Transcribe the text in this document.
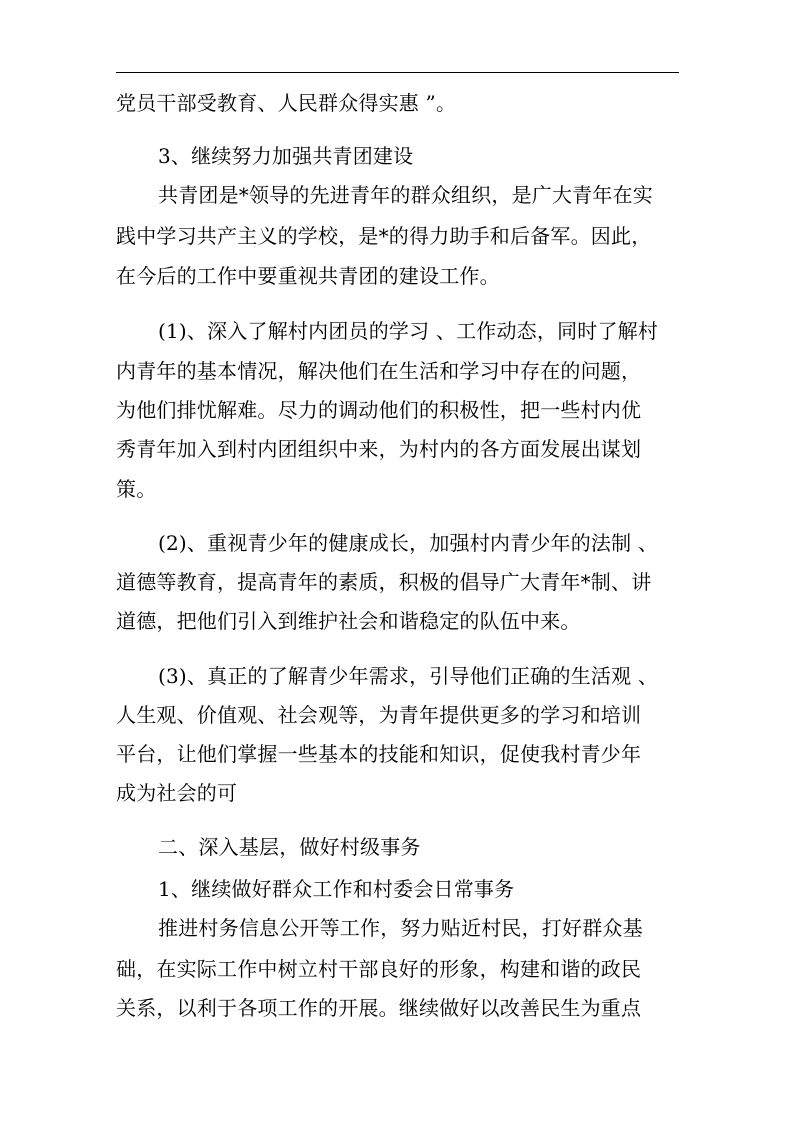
党员干部受教育、人民群众得实惠 ”。
3、继续努力加强共青团建设
共青团是*领导的先进青年的群众组织，是广大青年在实
践中学习共产主义的学校，是*的得力助手和后备军。因此，
在今后的工作中要重视共青团的建设工作。
(1)、深入了解村内团员的学习 、工作动态，同时了解村
内青年的基本情况，解决他们在生活和学习中存在的问题，
为他们排忧解难。尽力的调动他们的积极性，把一些村内优
秀青年加入到村内团组织中来，为村内的各方面发展出谋划
策。
(2)、重视青少年的健康成长，加强村内青少年的法制 、
道德等教育，提高青年的素质，积极的倡导广大青年*制、讲
道德，把他们引入到维护社会和谐稳定的队伍中来。
(3)、真正的了解青少年需求，引导他们正确的生活观 、
人生观、价值观、社会观等，为青年提供更多的学习和培训
平台，让他们掌握一些基本的技能和知识，促使我村青少年
成为社会的可
二、深入基层，做好村级事务
1、继续做好群众工作和村委会日常事务
推进村务信息公开等工作，努力贴近村民，打好群众基
础，在实际工作中树立村干部良好的形象，构建和谐的政民
关系，以利于各项工作的开展。继续做好以改善民生为重点
